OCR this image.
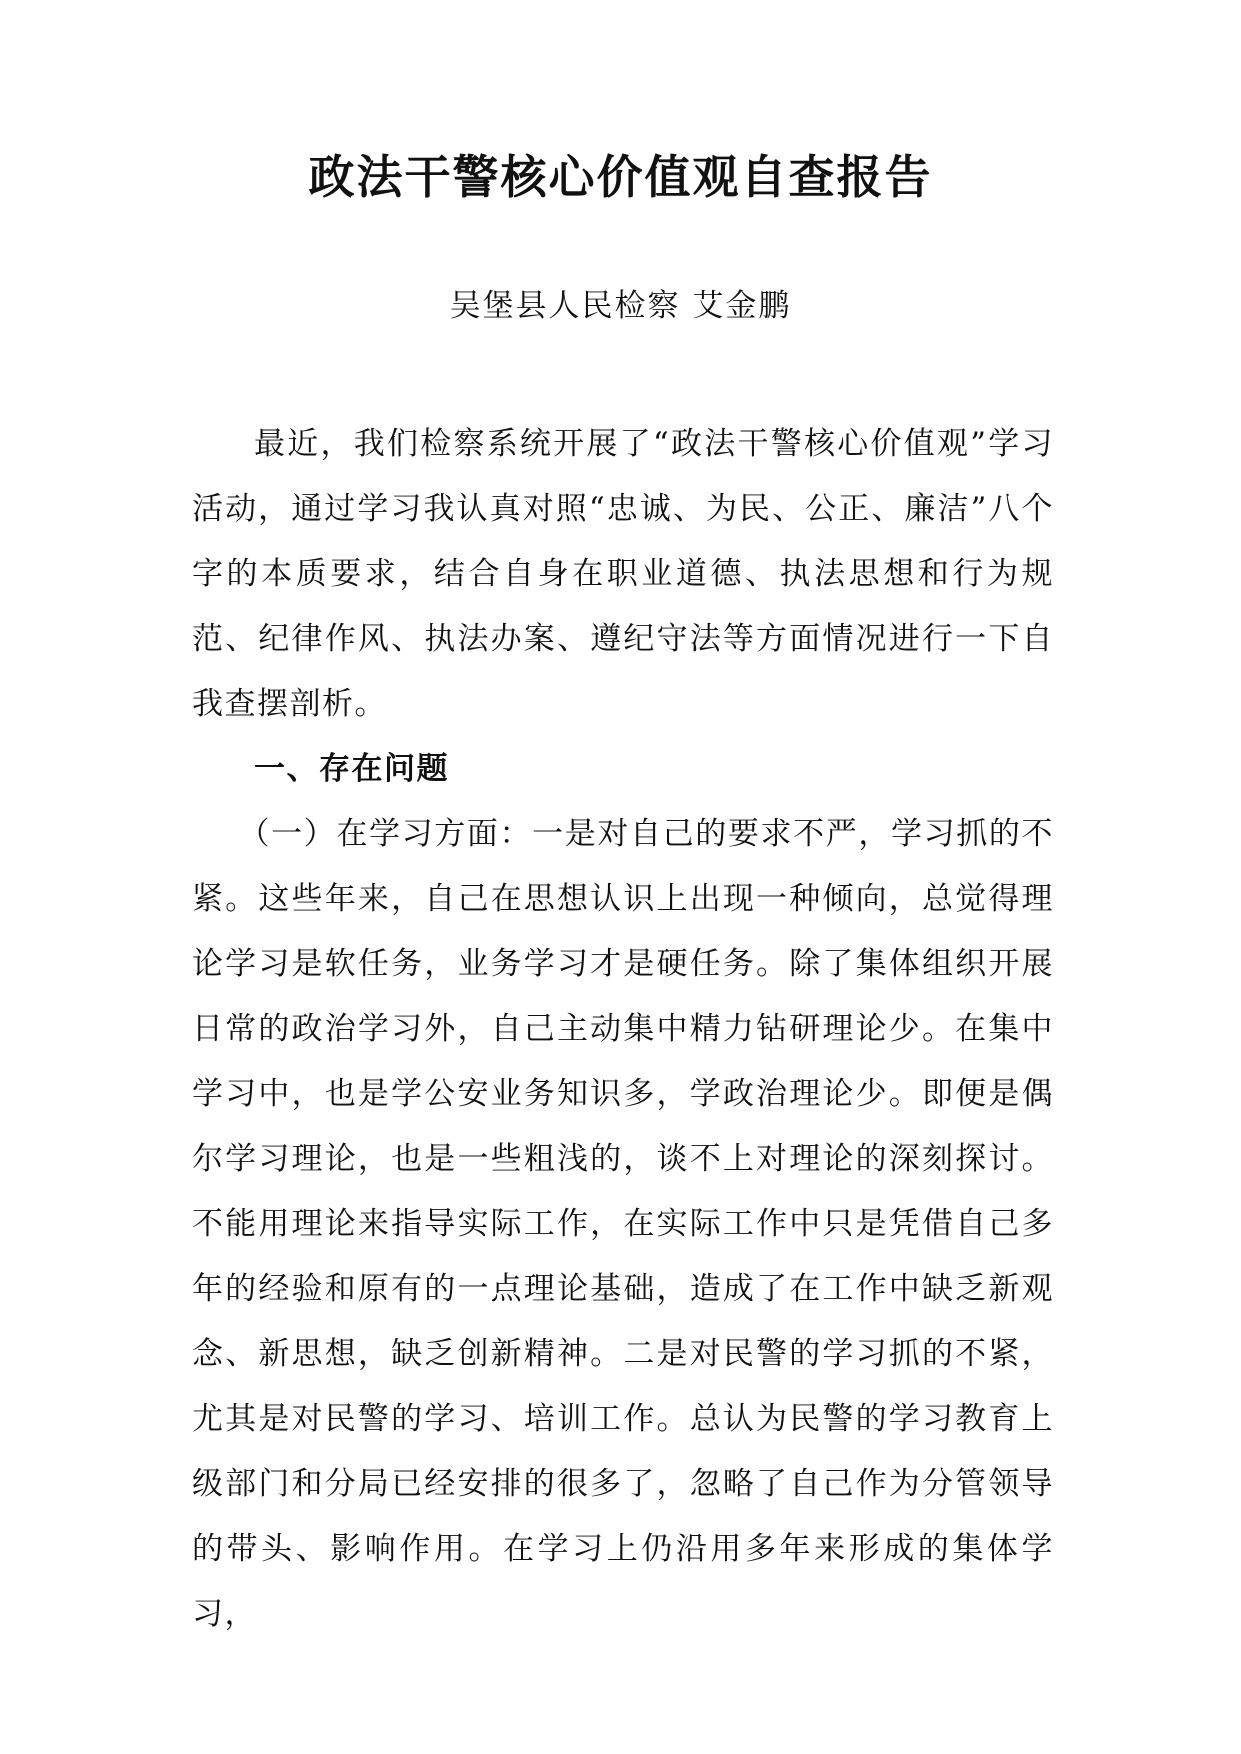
政法干警核心价值观自查报告
吴堡县人民检察 艾金鹏

最近，我们检察系统开展了“政法干警核心价值观”学习活动，通过学习我认真对照“忠诚、为民、公正、廉洁”八个字的本质要求，结合自身在职业道德、执法思想和行为规范、纪律作风、执法办案、遵纪守法等方面情况进行一下自我查摆剖析。

一、存在问题

（一）在学习方面：一是对自己的要求不严，学习抓的不紧。这些年来，自己在思想认识上出现一种倾向，总觉得理论学习是软任务，业务学习才是硬任务。除了集体组织开展日常的政治学习外，自己主动集中精力钻研理论少。在集中学习中，也是学公安业务知识多，学政治理论少。即便是偶尔学习理论，也是一些粗浅的，谈不上对理论的深刻探讨。不能用理论来指导实际工作，在实际工作中只是凭借自己多年的经验和原有的一点理论基础，造成了在工作中缺乏新观念、新思想，缺乏创新精神。二是对民警的学习抓的不紧，尤其是对民警的学习、培训工作。总认为民警的学习教育上级部门和分局已经安排的很多了，忽略了自己作为分管领导的带头、影响作用。在学习上仍沿用多年来形成的集体学习，
